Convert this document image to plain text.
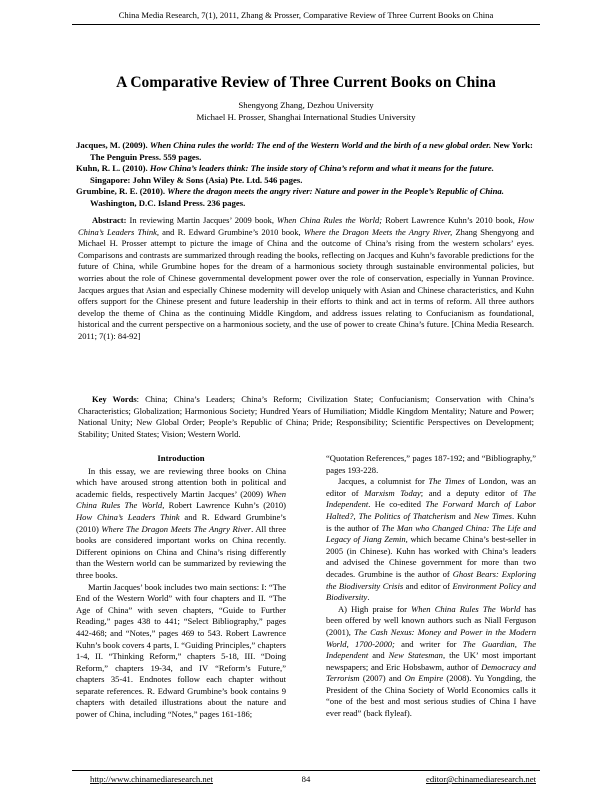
China Media Research, 7(1), 2011, Zhang & Prosser, Comparative Review of Three Current Books on China
A Comparative Review of Three Current Books on China
Shengyong Zhang, Dezhou University
Michael H. Prosser, Shanghai International Studies University
Jacques, M. (2009). When China rules the world: The end of the Western World and the birth of a new global order. New York: The Penguin Press. 559 pages.
Kuhn, R. L. (2010). How China’s leaders think: The inside story of China’s reform and what it means for the future. Singapore: John Wiley & Sons (Asia) Pte. Ltd. 546 pages.
Grumbine, R. E. (2010). Where the dragon meets the angry river: Nature and power in the People’s Republic of China. Washington, D.C. Island Press. 236 pages.
Abstract: In reviewing Martin Jacques’ 2009 book, When China Rules the World; Robert Lawrence Kuhn’s 2010 book, How China’s Leaders Think, and R. Edward Grumbine’s 2010 book, Where the Dragon Meets the Angry River, Zhang Shengyong and Michael H. Prosser attempt to picture the image of China and the outcome of China’s rising from the western scholars’ eyes. Comparisons and contrasts are summarized through reading the books, reflecting on Jacques and Kuhn’s favorable predictions for the future of China, while Grumbine hopes for the dream of a harmonious society through sustainable environmental policies, but worries about the role of Chinese governmental development power over the role of conservation, especially in Yunnan Province. Jacques argues that Asian and especially Chinese modernity will develop uniquely with Asian and Chinese characteristics, and Kuhn offers support for the Chinese present and future leadership in their efforts to think and act in terms of reform. All three authors develop the theme of China as the continuing Middle Kingdom, and address issues relating to Confucianism as foundational, historical and the current perspective on a harmonious society, and the use of power to create China’s future. [China Media Research. 2011; 7(1): 84-92]
Key Words: China; China’s Leaders; China’s Reform; Civilization State; Confucianism; Conservation with China’s Characteristics; Globalization; Harmonious Society; Hundred Years of Humiliation; Middle Kingdom Mentality; Nature and Power; National Unity; New Global Order; People’s Republic of China; Pride; Responsibility; Scientific Perspectives on Development; Stability; United States; Vision; Western World.
Introduction

In this essay, we are reviewing three books on China which have aroused strong attention both in political and academic fields, respectively Martin Jacques’ (2009) When China Rules The World, Robert Lawrence Kuhn’s (2010) How China’s Leaders Think and R. Edward Grumbine’s (2010) Where The Dragon Meets The Angry River. All three books are considered important works on China recently. Different opinions on China and China’s rising differently than the Western world can be summarized by reviewing the three books.

Martin Jacques’ book includes two main sections: I: “The End of the Western World” with four chapters and II. “The Age of China” with seven chapters, “Guide to Further Reading,” pages 438 to 441; “Select Bibliography,” pages 442-468; and “Notes,” pages 469 to 543. Robert Lawrence Kuhn’s book covers 4 parts, I. “Guiding Principles,” chapters 1-4, II. “Thinking Reform,” chapters 5-18, III. “Doing Reform,” chapters 19-34, and IV “Reform’s Future,” chapters 35-41. Endnotes follow each chapter without separate references. R. Edward Grumbine’s book contains 9 chapters with detailed illustrations about the nature and power of China, including “Notes,” pages 161-186;

“Quotation References,” pages 187-192; and “Bibliography,” pages 193-228.

Jacques, a columnist for The Times of London, was an editor of Marxism Today; and a deputy editor of The Independent. He co-edited The Forward March of Labor Halted?, The Politics of Thatcherism and New Times. Kuhn is the author of The Man who Changed China: The Life and Legacy of Jiang Zemin, which became China’s best-seller in 2005 (in Chinese). Kuhn has worked with China’s leaders and advised the Chinese government for more than two decades. Grumbine is the author of Ghost Bears: Exploring the Biodiversity Crisis and editor of Environment Policy and Biodiversity.

A) High praise for When China Rules The World has been offered by well known authors such as Niall Ferguson (2001), The Cash Nexus: Money and Power in the Modern World, 1700-2000; and writer for The Guardian, The Independent and New Statesman, the UK’ most important newspapers; and Eric Hobsbawm, author of Democracy and Terrorism (2007) and On Empire (2008). Yu Yongding, the President of the China Society of World Economics calls it “one of the best and most serious studies of China I have ever read” (back flyleaf).

http://www.chinamediaresearch.net	84	editor@chinamediaresearch.net
